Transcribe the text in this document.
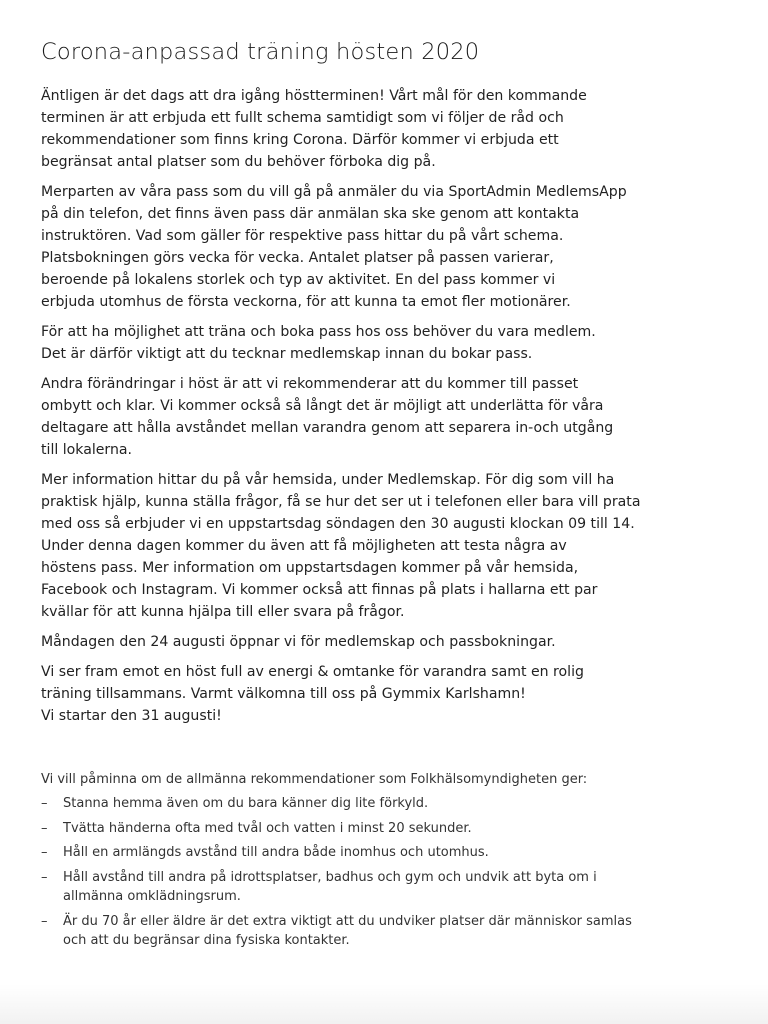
Corona-anpassad träning hösten 2020

Äntligen är det dags att dra igång höstterminen! Vårt mål för den kommande
terminen är att erbjuda ett fullt schema samtidigt som vi följer de råd och
rekommendationer som finns kring Corona. Därför kommer vi erbjuda ett
begränsat antal platser som du behöver förboka dig på.

Merparten av våra pass som du vill gå på anmäler du via SportAdmin MedlemsApp
på din telefon, det finns även pass där anmälan ska ske genom att kontakta
instruktören. Vad som gäller för respektive pass hittar du på vårt schema.
Platsbokningen görs vecka för vecka. Antalet platser på passen varierar,
beroende på lokalens storlek och typ av aktivitet. En del pass kommer vi
erbjuda utomhus de första veckorna, för att kunna ta emot fler motionärer.

För att ha möjlighet att träna och boka pass hos oss behöver du vara medlem.
Det är därför viktigt att du tecknar medlemskap innan du bokar pass.

Andra förändringar i höst är att vi rekommenderar att du kommer till passet
ombytt och klar. Vi kommer också så långt det är möjligt att underlätta för våra
deltagare att hålla avståndet mellan varandra genom att separera in-och utgång
till lokalerna.

Mer information hittar du på vår hemsida, under Medlemskap. För dig som vill ha
praktisk hjälp, kunna ställa frågor, få se hur det ser ut i telefonen eller bara vill prata
med oss så erbjuder vi en uppstartsdag söndagen den 30 augusti klockan 09 till 14.
Under denna dagen kommer du även att få möjligheten att testa några av
höstens pass. Mer information om uppstartsdagen kommer på vår hemsida,
Facebook och Instagram. Vi kommer också att finnas på plats i hallarna ett par
kvällar för att kunna hjälpa till eller svara på frågor.

Måndagen den 24 augusti öppnar vi för medlemskap och passbokningar.

Vi ser fram emot en höst full av energi & omtanke för varandra samt en rolig
träning tillsammans. Varmt välkomna till oss på Gymmix Karlshamn!
Vi startar den 31 augusti!

Vi vill påminna om de allmänna rekommendationer som Folkhälsomyndigheten ger:

–	Stanna hemma även om du bara känner dig lite förkyld.
–	Tvätta händerna ofta med tvål och vatten i minst 20 sekunder.
–	Håll en armlängds avstånd till andra både inomhus och utomhus.
–	Håll avstånd till andra på idrottsplatser, badhus och gym och undvik att byta om i
allmänna omklädningsrum.
–	Är du 70 år eller äldre är det extra viktigt att du undviker platser där människor samlas
och att du begränsar dina fysiska kontakter.
